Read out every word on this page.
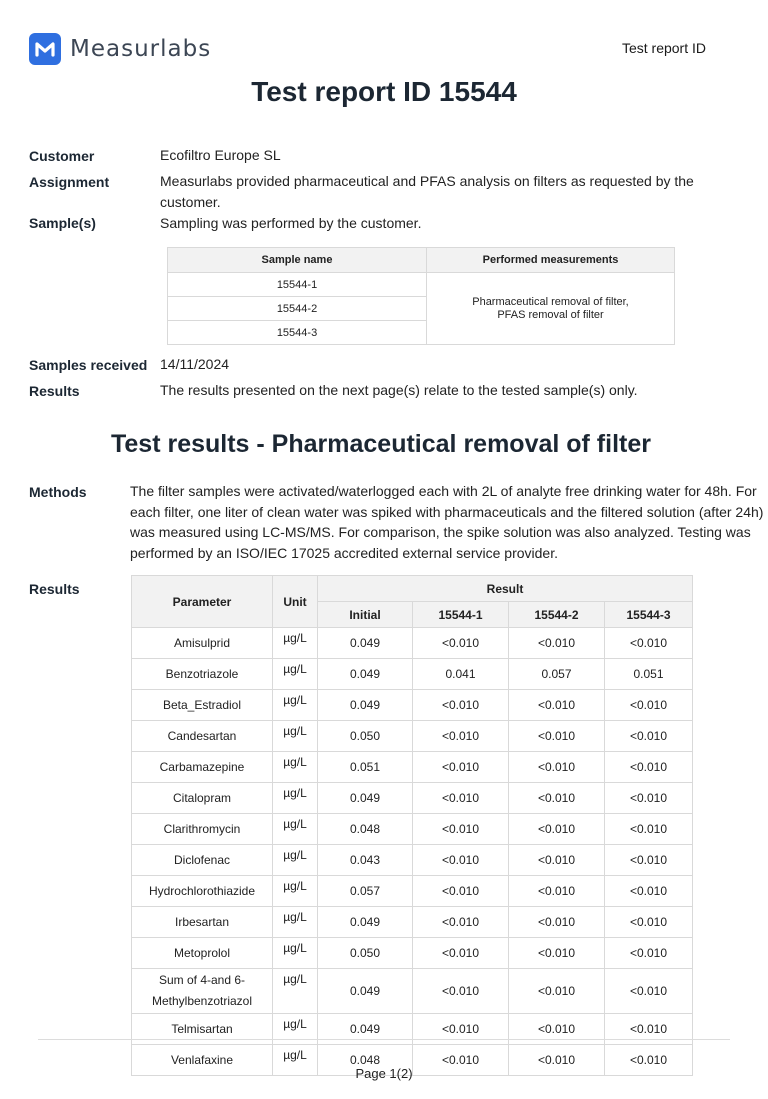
Measurlabs	Test report ID
Test report ID 15544
Customer	Ecofiltro Europe SL
Assignment	Measurlabs provided pharmaceutical and PFAS analysis on filters as requested by the customer.
Sample(s)	Sampling was performed by the customer.
Sample name	Performed measurements
15544-1	Pharmaceutical removal of filter,
PFAS removal of filter
15544-2	
15544-3	
Samples received 14/11/2024
Results	The results presented on the next page(s) relate to the tested sample(s) only.
Test results - Pharmaceutical removal of filter
Methods	The filter samples were activated/waterlogged each with 2L of analyte free drinking water for 48h. For each filter, one liter of clean water was spiked with pharmaceuticals and the filtered solution (after 24h) was measured using LC-MS/MS. For comparison, the spike solution was also analyzed. Testing was performed by an ISO/IEC 17025 accredited external service provider.
Results
Parameter	Unit	Result			
		Initial	15544-1	15544-2	15544-3
Amisulprid	µg/L	0.049	<0.010	<0.010	<0.010
Benzotriazole	µg/L	0.049	0.041	0.057	0.051
Beta_Estradiol	µg/L	0.049	<0.010	<0.010	<0.010
Candesartan	µg/L	0.050	<0.010	<0.010	<0.010
Carbamazepine	µg/L	0.051	<0.010	<0.010	<0.010
Citalopram	µg/L	0.049	<0.010	<0.010	<0.010
Clarithromycin	µg/L	0.048	<0.010	<0.010	<0.010
Diclofenac	µg/L	0.043	<0.010	<0.010	<0.010
Hydrochlorothiazide	µg/L	0.057	<0.010	<0.010	<0.010
Irbesartan	µg/L	0.049	<0.010	<0.010	<0.010
Metoprolol	µg/L	0.050	<0.010	<0.010	<0.010
Sum of 4-and 6-Methylbenzotriazol	µg/L	0.049	<0.010	<0.010	<0.010
Telmisartan	µg/L	0.049	<0.010	<0.010	<0.010
Venlafaxine	µg/L	0.048	<0.010	<0.010	<0.010
Page 1(2)
